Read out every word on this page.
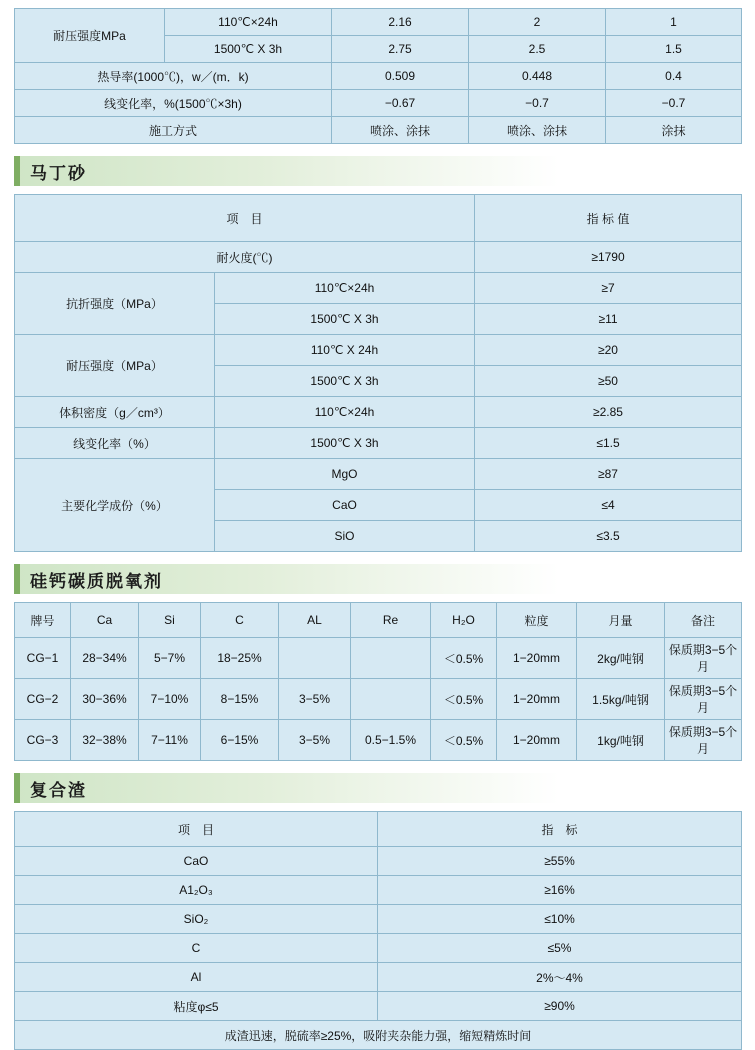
耐压强度MPa	110℃×24h	2.16	2	1
	1500℃ X 3h	2.75	2.5	1.5
热导率(1000℃)，w／(m．k)		0.509	0.448	0.4
线变化率，%(1500℃×3h)		−0.67	−0.7	−0.7
施工方式		喷涂、涂抹	喷涂、涂抹	涂抹
马丁砂
项　目		指 标 值
耐火度(℃)		≥1790
抗折强度（MPa）	110℃×24h	≥7
	1500℃ X 3h	≥11
耐压强度（MPa）	110℃ X 24h	≥20
	1500℃ X 3h	≥50
体积密度（g／cm³）	110℃×24h	≥2.85
线变化率（%）	1500℃ X 3h	≤1.5
主要化学成份（%）	MgO	≥87
	CaO	≤4
	SiO	≤3.5
硅钙碳质脱氧剂
牌号	Ca	Si	C	AL	Re	H₂O	粒度	月量	备注
CG−1	28−34%	5−7%	18−25%			＜0.5%	1−20mm	2kg/吨钢	保质期3−5个月
CG−2	30−36%	7−10%	8−15%	3−5%		＜0.5%	1−20mm	1.5kg/吨钢	保质期3−5个月
CG−3	32−38%	7−11%	6−15%	3−5%	0.5−1.5%	＜0.5%	1−20mm	1kg/吨钢	保质期3−5个月
复合渣
项　目	指　标
CaO	≥55%
A1₂O₃	≥16%
SiO₂	≤10%
C	≤5%
Al	2%～4%
粘度φ≤5	≥90%
成渣迅速，脱硫率≥25%，吸附夹杂能力强，缩短精炼时间	
